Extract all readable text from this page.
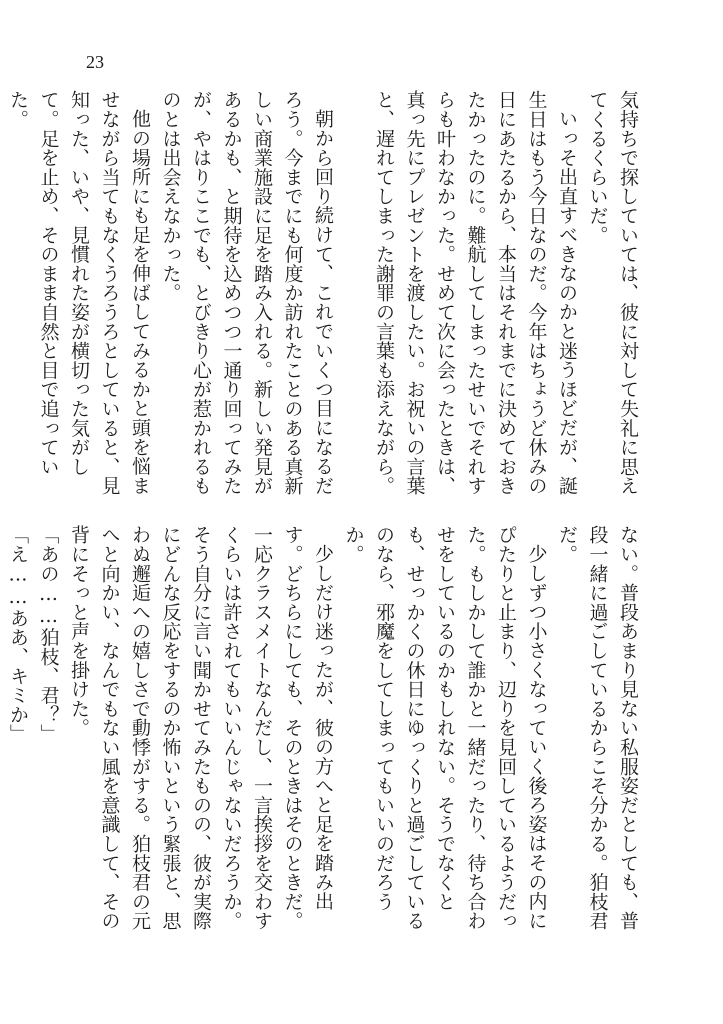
23

気持ちで探していては、彼に対して失礼に思えてくるくらいだ。

いっそ出直すべきなのかと迷うほどだが、誕生日はもう今日なのだ。今年はちょうど休みの日にあたるから、本当はそれまでに決めておきたかったのに。難航してしまったせいでそれすらも叶わなかった。せめて次に会ったときは、真っ先にプレゼントを渡したい。お祝いの言葉と、遅れてしまった謝罪の言葉も添えながら。

朝から回り続けて、これでいくつ目になるだろう。今までにも何度か訪れたことのある真新しい商業施設に足を踏み入れる。新しい発見があるかも、と期待を込めつつ一通り回ってみたが、やはりここでも、とびきり心が惹かれるものとは出会えなかった。

他の場所にも足を伸ばしてみるかと頭を悩ませながら当てもなくうろうろとしていると、見知った、いや、見慣れた姿が横切った気がして。足を止め、そのまま自然と目で追っていた。

ない。普段あまり見ない私服姿だとしても、普段一緒に過ごしているからこそ分かる。狛枝君だ。

少しずつ小さくなっていく後ろ姿はその内にぴたりと止まり、辺りを見回しているようだった。もしかして誰かと一緒だったり、待ち合わせをしているのかもしれない。そうでなくとも、せっかくの休日にゆっくりと過ごしているのなら、邪魔をしてしまってもいいのだろうか。

少しだけ迷ったが、彼の方へと足を踏み出す。どちらにしても、そのときはそのときだ。一応クラスメイトなんだし、一言挨拶を交わすくらいは許されてもいいんじゃないだろうか。そう自分に言い聞かせてみたものの、彼が実際にどんな反応をするのか怖いという緊張と、思わぬ邂逅への嬉しさで動悸がする。狛枝君の元へと向かい、なんでもない風を意識して、その背にそっと声を掛けた。

「あの……狛枝、君？」

「え……ああ、キミか」
